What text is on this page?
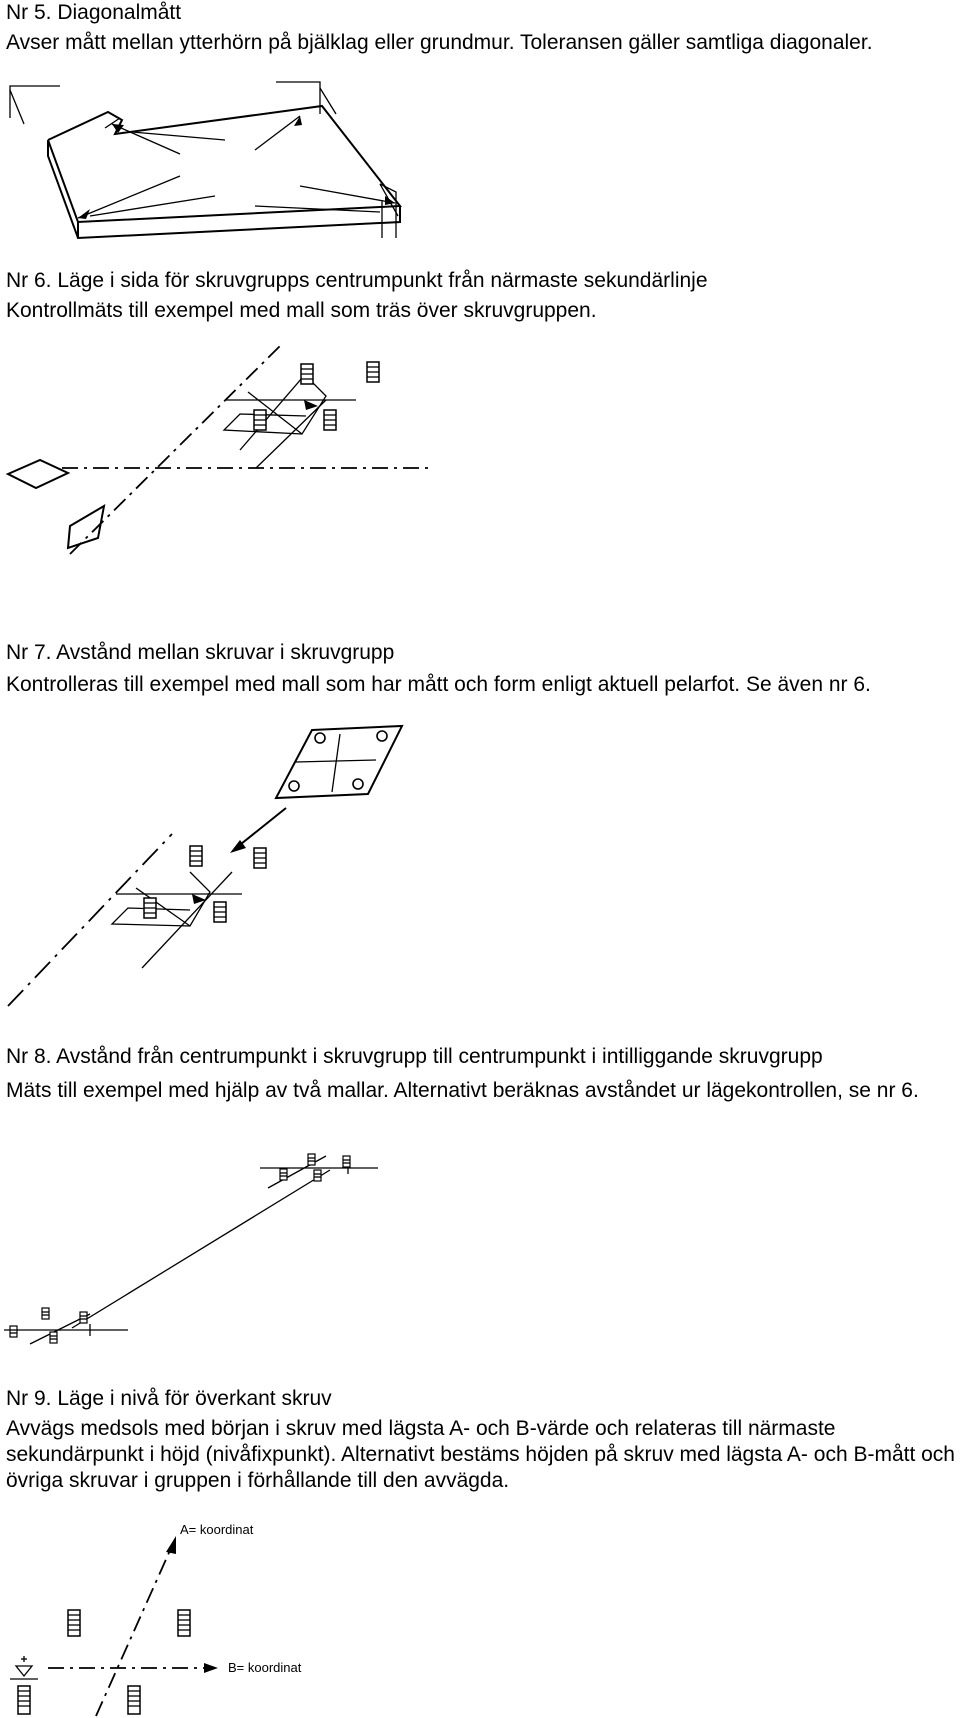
Nr 5. Diagonalmått

Avser mått mellan ytterhörn på bjälklag eller grundmur. Toleransen gäller samtliga diagonaler.

Nr 6. Läge i sida för skruvgrupps centrumpunkt från närmaste sekundärlinje

Kontrollmäts till exempel med mall som träs över skruvgruppen.

Nr 7. Avstånd mellan skruvar i skruvgrupp

Kontrolleras till exempel med mall som har mått och form enligt aktuell pelarfot. Se även nr 6.

Nr 8. Avstånd från centrumpunkt i skruvgrupp till centrumpunkt i intilliggande skruvgrupp

Mäts till exempel med hjälp av två mallar. Alternativt beräknas avståndet ur lägekontrollen, se nr 6.

Nr 9. Läge i nivå för överkant skruv

Avvägs medsols med början i skruv med lägsta A- och B-värde och relateras till närmaste sekundärpunkt i höjd (nivåfixpunkt). Alternativt bestäms höjden på skruv med lägsta A- och B-mått och övriga skruvar i gruppen i förhållande till den avvägda.

A= koordinat
B= koordinat
